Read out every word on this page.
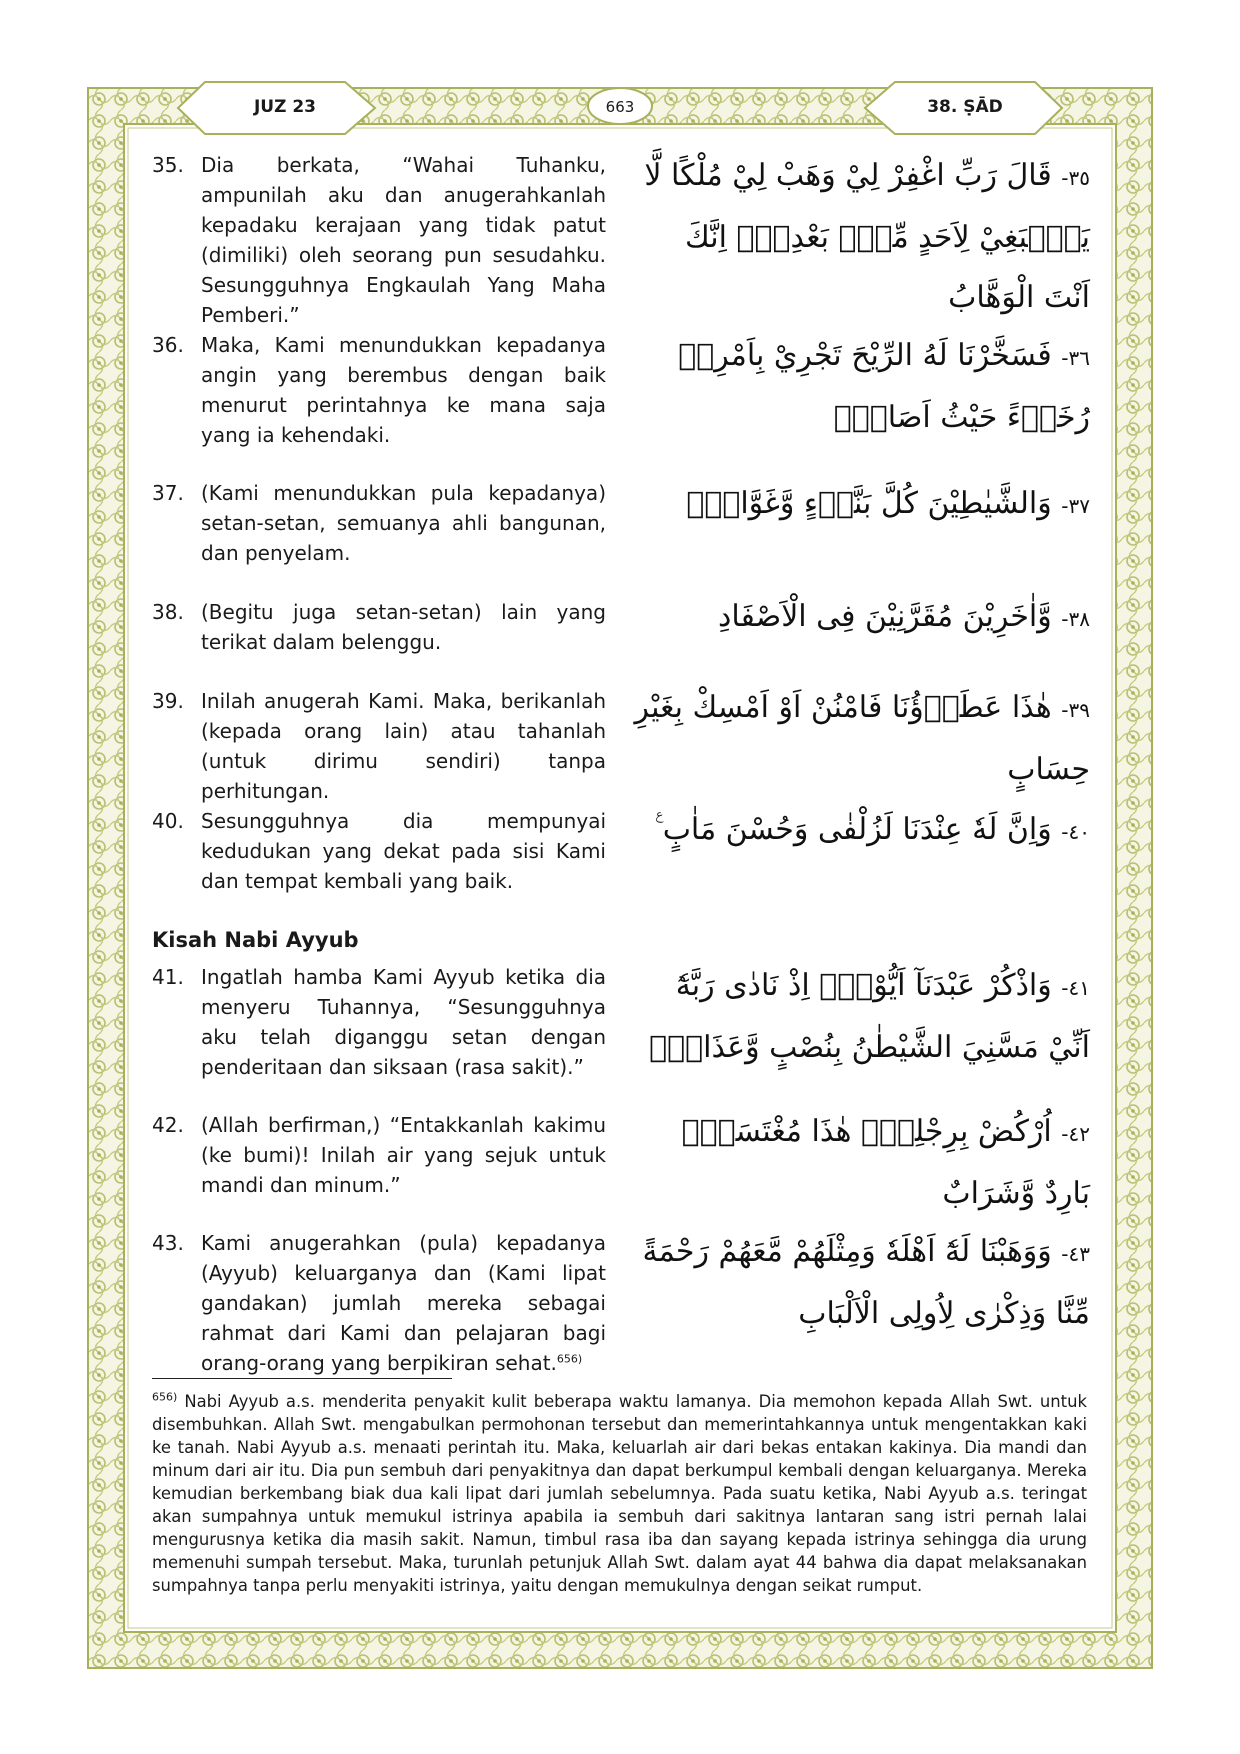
JUZ 23	663	38. ṢĀD
35. Dia berkata, “Wahai Tuhanku, ampunilah aku dan anugerahkanlah kepadaku kerajaan yang tidak patut (dimiliki) oleh seorang pun sesudahku. Sesungguhnya Engkaulah Yang Maha Pemberi.”
٣٥- قَالَ رَبِّ اغْفِرْ لِيْ وَهَبْ لِيْ مُلْكًا لَّا يَنْۢبَغِيْ لِاَحَدٍ مِّنْۢ بَعْدِيْۚ اِنَّكَ اَنْتَ الْوَهَّابُ
36. Maka, Kami menundukkan kepadanya angin yang berembus dengan baik menurut perintahnya ke mana saja yang ia kehendaki.
٣٦- فَسَخَّرْنَا لَهُ الرِّيْحَ تَجْرِيْ بِاَمْرِهٖ رُخَاۤءً حَيْثُ اَصَابَۙ
37. (Kami menundukkan pula kepadanya) setan-setan, semuanya ahli bangunan, dan penyelam.
٣٧- وَالشَّيٰطِيْنَ كُلَّ بَنَّاۤءٍ وَّغَوَّاصٍۙ
38. (Begitu juga setan-setan) lain yang terikat dalam belenggu.
٣٨- وَّاٰخَرِيْنَ مُقَرَّنِيْنَ فِى الْاَصْفَادِ
39. Inilah anugerah Kami. Maka, berikanlah (kepada orang lain) atau tahanlah (untuk dirimu sendiri) tanpa perhitungan.
٣٩- هٰذَا عَطَاۤؤُنَا فَامْنُنْ اَوْ اَمْسِكْ بِغَيْرِ حِسَابٍ
40. Sesungguhnya dia mempunyai kedudukan yang dekat pada sisi Kami dan tempat kembali yang baik.
٤٠- وَاِنَّ لَهٗ عِنْدَنَا لَزُلْفٰى وَحُسْنَ مَاٰبٍ ࣖ
Kisah Nabi Ayyub
41. Ingatlah hamba Kami Ayyub ketika dia menyeru Tuhannya, “Sesungguhnya aku telah diganggu setan dengan penderitaan dan siksaan (rasa sakit).”
٤١- وَاذْكُرْ عَبْدَنَآ اَيُّوْبَۘ اِذْ نَادٰى رَبَّهٗٓ اَنِّيْ مَسَّنِيَ الشَّيْطٰنُ بِنُصْبٍ وَّعَذَابٍۗ
42. (Allah berfirman,) “Entakkanlah kakimu (ke bumi)! Inilah air yang sejuk untuk mandi dan minum.”
٤٢- اُرْكُضْ بِرِجْلِكَۚ هٰذَا مُغْتَسَلٌۢ بَارِدٌ وَّشَرَابٌ
43. Kami anugerahkan (pula) kepadanya (Ayyub) keluarganya dan (Kami lipat gandakan) jumlah mereka sebagai rahmat dari Kami dan pelajaran bagi orang-orang yang berpikiran sehat.$^{656)}$
٤٣- وَوَهَبْنَا لَهٗٓ اَهْلَهٗ وَمِثْلَهُمْ مَّعَهُمْ رَحْمَةً مِّنَّا وَذِكْرٰى لِاُولِى الْاَلْبَابِ
$^{656)}$ Nabi Ayyub a.s. menderita penyakit kulit beberapa waktu lamanya. Dia memohon kepada Allah Swt. untuk disembuhkan. Allah Swt. mengabulkan permohonan tersebut dan memerintahkannya untuk mengentakkan kaki ke tanah. Nabi Ayyub a.s. menaati perintah itu. Maka, keluarlah air dari bekas entakan kakinya. Dia mandi dan minum dari air itu. Dia pun sembuh dari penyakitnya dan dapat berkumpul kembali dengan keluarganya. Mereka kemudian berkembang biak dua kali lipat dari jumlah sebelumnya. Pada suatu ketika, Nabi Ayyub a.s. teringat akan sumpahnya untuk memukul istrinya apabila ia sembuh dari sakitnya lantaran sang istri pernah lalai mengurusnya ketika dia masih sakit. Namun, timbul rasa iba dan sayang kepada istrinya sehingga dia urung memenuhi sumpah tersebut. Maka, turunlah petunjuk Allah Swt. dalam ayat 44 bahwa dia dapat melaksanakan sumpahnya tanpa perlu menyakiti istrinya, yaitu dengan memukulnya dengan seikat rumput.
